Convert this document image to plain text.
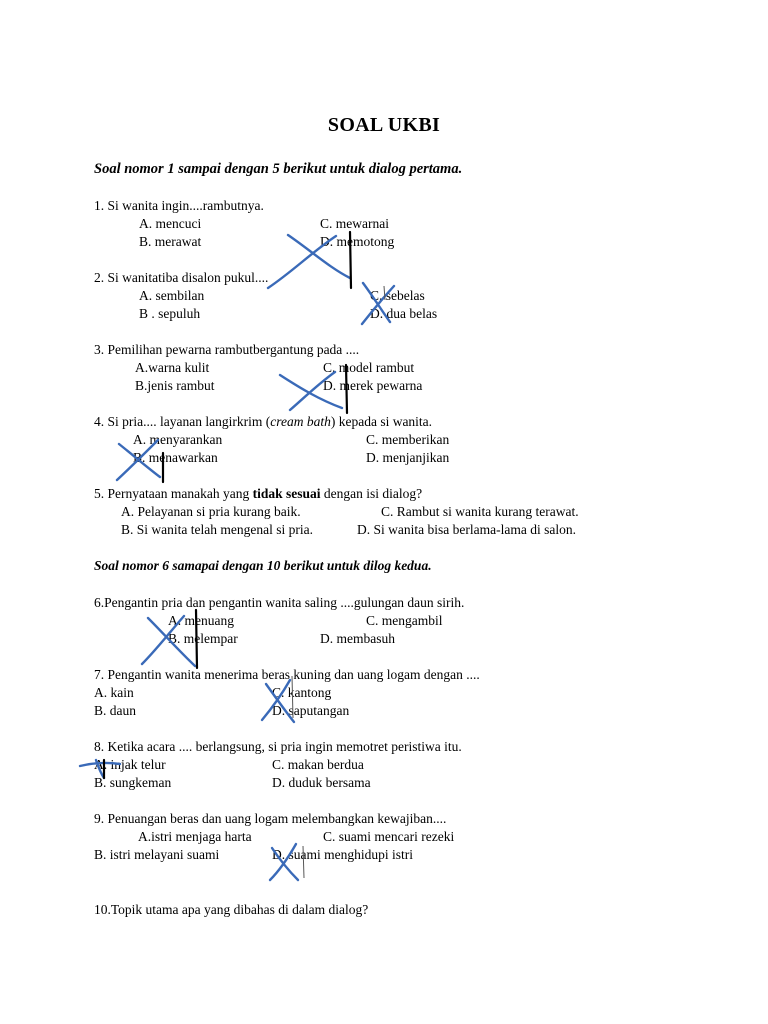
SOAL UKBI
Soal nomor 1 sampai dengan 5 berikut untuk dialog pertama.
1. Si wanita ingin....rambutnya.
A. mencuci	C. mewarnai
B. merawat	D. memotong
2. Si wanitatiba disalon pukul....
A. sembilan	C. sebelas
B . sepuluh	D. dua belas
3. Pemilihan pewarna rambutbergantung pada ....
A.warna kulit	C. model rambut
B.jenis rambut	D. merek pewarna
4. Si pria.... layanan langirkrim (cream bath) kepada si wanita.
A. menyarankan	C. memberikan
B. menawarkan	D. menjanjikan
5. Pernyataan manakah yang tidak sesuai dengan isi dialog?
A. Pelayanan si pria kurang baik.	C. Rambut si wanita kurang terawat.
B. Si wanita telah mengenal si pria.	D. Si wanita bisa berlama-lama di salon.
Soal nomor 6 samapai dengan 10 berikut untuk dilog kedua.
6.Pengantin pria dan pengantin wanita saling ....gulungan daun sirih.
A. menuang	C. mengambil
B. melempar	D. membasuh
7. Pengantin wanita menerima beras kuning dan uang logam dengan ....
A. kain	C. kantong
B. daun	D. saputangan
8. Ketika acara .... berlangsung, si pria ingin memotret peristiwa itu.
A. injak telur	C. makan berdua
B. sungkeman	D. duduk bersama
9. Penuangan beras dan uang logam melembangkan kewajiban....
A.istri menjaga harta	C. suami mencari rezeki
B. istri melayani suami	D. suami menghidupi istri
10.Topik utama apa yang dibahas di dalam dialog?
